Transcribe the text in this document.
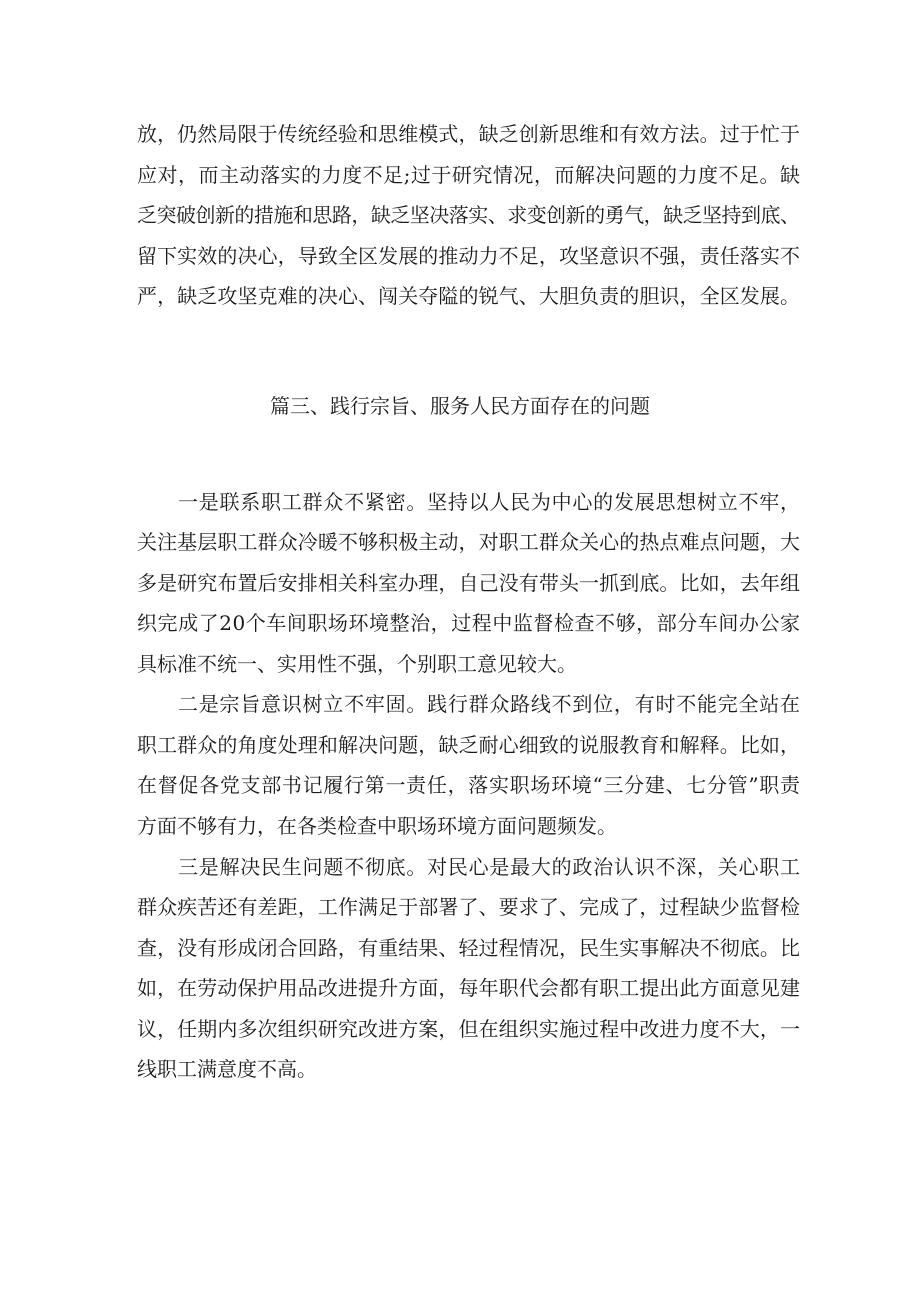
放，仍然局限于传统经验和思维模式，缺乏创新思维和有效方法。过于忙于
应对，而主动落实的力度不足;过于研究情况，而解决问题的力度不足。缺
乏突破创新的措施和思路，缺乏坚决落实、求变创新的勇气，缺乏坚持到底、
留下实效的决心，导致全区发展的推动力不足，攻坚意识不强，责任落实不
严，缺乏攻坚克难的决心、闯关夺隘的锐气、大胆负责的胆识，全区发展。
篇三、践行宗旨、服务人民方面存在的问题
一是联系职工群众不紧密。坚持以人民为中心的发展思想树立不牢，
关注基层职工群众冷暖不够积极主动，对职工群众关心的热点难点问题，大
多是研究布置后安排相关科室办理，自己没有带头一抓到底。比如，去年组
织完成了20个车间职场环境整治，过程中监督检查不够，部分车间办公家
具标准不统一、实用性不强，个别职工意见较大。
二是宗旨意识树立不牢固。践行群众路线不到位，有时不能完全站在
职工群众的角度处理和解决问题，缺乏耐心细致的说服教育和解释。比如，
在督促各党支部书记履行第一责任，落实职场环境“三分建、七分管”职责
方面不够有力，在各类检查中职场环境方面问题频发。
三是解决民生问题不彻底。对民心是最大的政治认识不深，关心职工
群众疾苦还有差距，工作满足于部署了、要求了、完成了，过程缺少监督检
查，没有形成闭合回路，有重结果、轻过程情况，民生实事解决不彻底。比
如，在劳动保护用品改进提升方面，每年职代会都有职工提出此方面意见建
议，任期内多次组织研究改进方案，但在组织实施过程中改进力度不大，一
线职工满意度不高。
